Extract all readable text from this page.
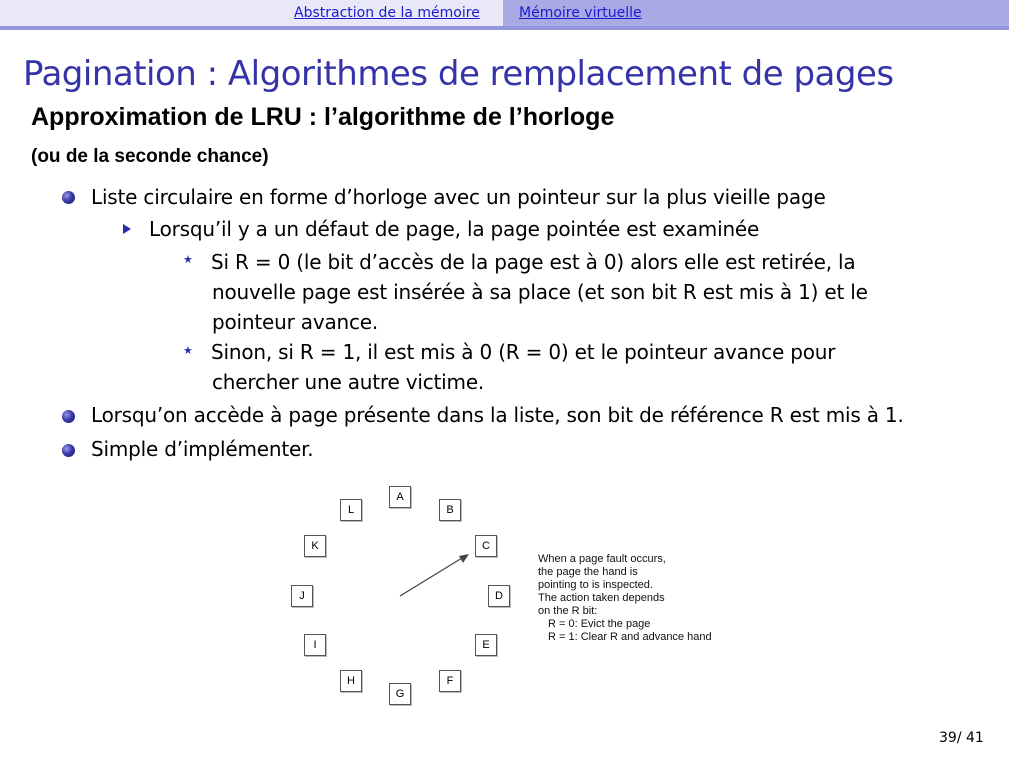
Abstraction de la mémoire	Mémoire virtuelle
Pagination : Algorithmes de remplacement de pages
Approximation de LRU : l’algorithme de l’horloge
(ou de la seconde chance)
Liste circulaire en forme d’horloge avec un pointeur sur la plus vieille page
Lorsqu’il y a un défaut de page, la page pointée est examinée
★ Si R = 0 (le bit d’accès de la page est à 0) alors elle est retirée, la
nouvelle page est insérée à sa place (et son bit R est mis à 1) et le
pointeur avance.
★ Sinon, si R = 1, il est mis à 0 (R = 0) et le pointeur avance pour
chercher une autre victime.
Lorsqu’on accède à page présente dans la liste, son bit de référence R est mis à 1.
Simple d’implémenter.
A
B
C
D
E
F
G
H
I
J
K
L
When a page fault occurs,
the page the hand is
pointing to is inspected.
The action taken depends
on the R bit:
R = 0: Evict the page
R = 1: Clear R and advance hand
39/ 41
